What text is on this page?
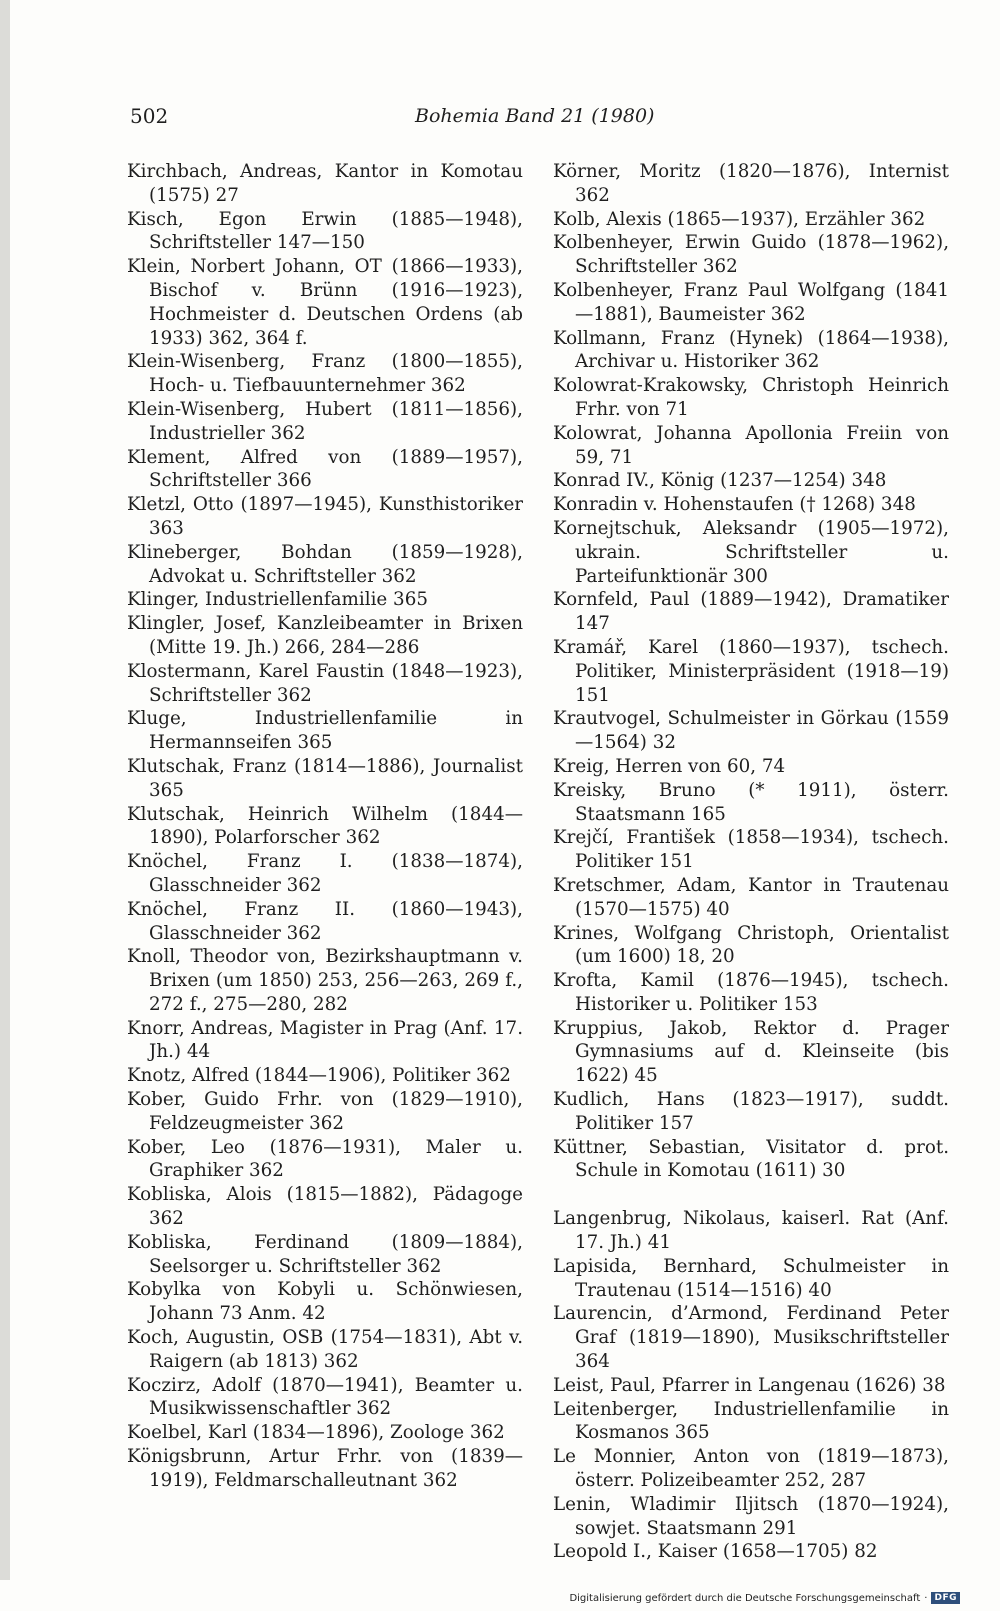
502	Bohemia Band 21 (1980)

Kirchbach, Andreas, Kantor in Komotau (1575) 27

Kisch, Egon Erwin (1885—1948), Schriftsteller 147—150

Klein, Norbert Johann, OT (1866—1933), Bischof v. Brünn (1916—1923), Hochmeister d. Deutschen Ordens (ab 1933) 362, 364 f.

Klein-Wisenberg, Franz (1800—1855), Hoch- u. Tiefbauunternehmer 362

Klein-Wisenberg, Hubert (1811—1856), Industrieller 362

Klement, Alfred von (1889—1957), Schriftsteller 366

Kletzl, Otto (1897—1945), Kunsthistoriker 363

Klineberger, Bohdan (1859—1928), Advokat u. Schriftsteller 362

Klinger, Industriellenfamilie 365

Klingler, Josef, Kanzleibeamter in Brixen (Mitte 19. Jh.) 266, 284—286

Klostermann, Karel Faustin (1848—1923), Schriftsteller 362

Kluge, Industriellenfamilie in Hermannseifen 365

Klutschak, Franz (1814—1886), Journalist 365

Klutschak, Heinrich Wilhelm (1844—1890), Polarforscher 362

Knöchel, Franz I. (1838—1874), Glasschneider 362

Knöchel, Franz II. (1860—1943), Glasschneider 362

Knoll, Theodor von, Bezirkshauptmann v. Brixen (um 1850) 253, 256—263, 269 f., 272 f., 275—280, 282

Knorr, Andreas, Magister in Prag (Anf. 17. Jh.) 44

Knotz, Alfred (1844—1906), Politiker 362

Kober, Guido Frhr. von (1829—1910), Feldzeugmeister 362

Kober, Leo (1876—1931), Maler u. Graphiker 362

Kobliska, Alois (1815—1882), Pädagoge 362

Kobliska, Ferdinand (1809—1884), Seelsorger u. Schriftsteller 362

Kobylka von Kobyli u. Schönwiesen, Johann 73 Anm. 42

Koch, Augustin, OSB (1754—1831), Abt v. Raigern (ab 1813) 362

Koczirz, Adolf (1870—1941), Beamter u. Musikwissenschaftler 362

Koelbel, Karl (1834—1896), Zoologe 362

Königsbrunn, Artur Frhr. von (1839—1919), Feldmarschalleutnant 362

Körner, Moritz (1820—1876), Internist 362

Kolb, Alexis (1865—1937), Erzähler 362

Kolbenheyer, Erwin Guido (1878—1962), Schriftsteller 362

Kolbenheyer, Franz Paul Wolfgang (1841—1881), Baumeister 362

Kollmann, Franz (Hynek) (1864—1938), Archivar u. Historiker 362

Kolowrat-Krakowsky, Christoph Heinrich Frhr. von 71

Kolowrat, Johanna Apollonia Freiin von 59, 71

Konrad IV., König (1237—1254) 348

Konradin v. Hohenstaufen († 1268) 348

Kornejtschuk, Aleksandr (1905—1972), ukrain. Schriftsteller u. Parteifunktionär 300

Kornfeld, Paul (1889—1942), Dramatiker 147

Kramář, Karel (1860—1937), tschech. Politiker, Ministerpräsident (1918—19) 151

Krautvogel, Schulmeister in Görkau (1559—1564) 32

Kreig, Herren von 60, 74

Kreisky, Bruno (* 1911), österr. Staatsmann 165

Krejčí, František (1858—1934), tschech. Politiker 151

Kretschmer, Adam, Kantor in Trautenau (1570—1575) 40

Krines, Wolfgang Christoph, Orientalist (um 1600) 18, 20

Krofta, Kamil (1876—1945), tschech. Historiker u. Politiker 153

Kruppius, Jakob, Rektor d. Prager Gymnasiums auf d. Kleinseite (bis 1622) 45

Kudlich, Hans (1823—1917), suddt. Politiker 157

Küttner, Sebastian, Visitator d. prot. Schule in Komotau (1611) 30

Langenbrug, Nikolaus, kaiserl. Rat (Anf. 17. Jh.) 41

Lapisida, Bernhard, Schulmeister in Trautenau (1514—1516) 40

Laurencin, d’Armond, Ferdinand Peter Graf (1819—1890), Musikschriftsteller 364

Leist, Paul, Pfarrer in Langenau (1626) 38

Leitenberger, Industriellenfamilie in Kosmanos 365

Le Monnier, Anton von (1819—1873), österr. Polizeibeamter 252, 287

Lenin, Wladimir Iljitsch (1870—1924), sowjet. Staatsmann 291

Leopold I., Kaiser (1658—1705) 82

Digitalisierung gefördert durch die Deutsche Forschungsgemeinschaft · DFG
